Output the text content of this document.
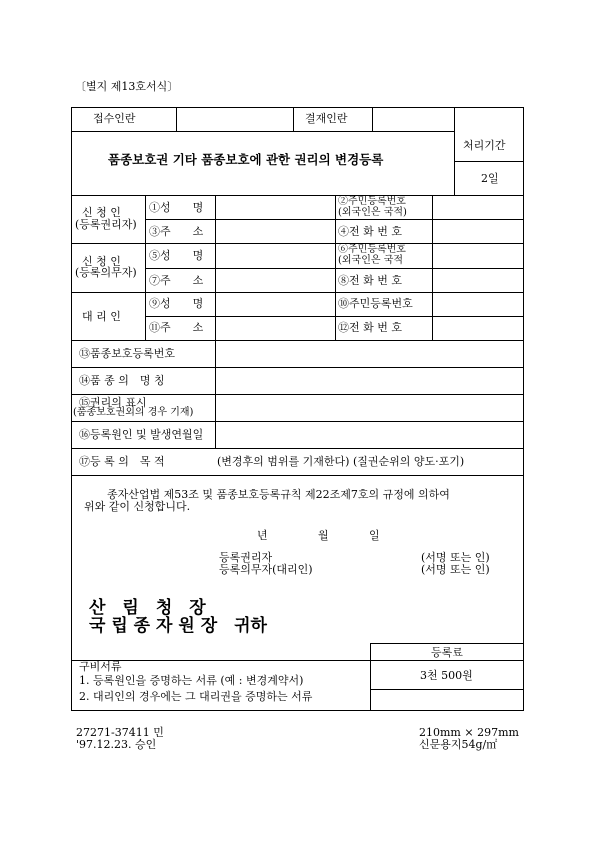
〔별지 제13호서식〕
접수인란	결재인란
품종보호권 기타 품종보호에 관한 권리의 변경등록
처리기간
2일
신 청 인
(등록권리자)
①성　　명	②주민등록번호
(외국인은 국적)
③주　　소	④전 화 번 호
신 청 인
(등록의무자)
⑤성　　명	⑥주민등록번호
(외국인은 국적
⑦주　　소	⑧전 화 번 호
대 리 인
⑨성　　명	⑩주민등록번호
⑪주　　소	⑫전 화 번 호
⑬품종보호등록번호
⑭품 종 의　명 칭
⑮권리의 표시
(품종보호권외의 경우 기재)
⑯등록원인 및 발생연월일
⑰등 록 의　목 적	(변경후의 범위를 기재한다) (질권순위의 양도·포기)
종자산업법 제53조 및 품종보호등록규칙 제22조제7호의 규정에 의하여
위와 같이 신청합니다.
년	월	일
등록권리자
등록의무자(대리인)
(서명 또는 인)
(서명 또는 인)
산　림　청　장
국 립 종 자 원 장　귀하
등록료
3천 500원
구비서류
1. 등록원인을 증명하는 서류 (예 : 변경계약서)
2. 대리인의 경우에는 그 대리권을 증명하는 서류
27271-37411 민
'97.12.23. 승인
210mm × 297mm
신문용지54g/㎡
